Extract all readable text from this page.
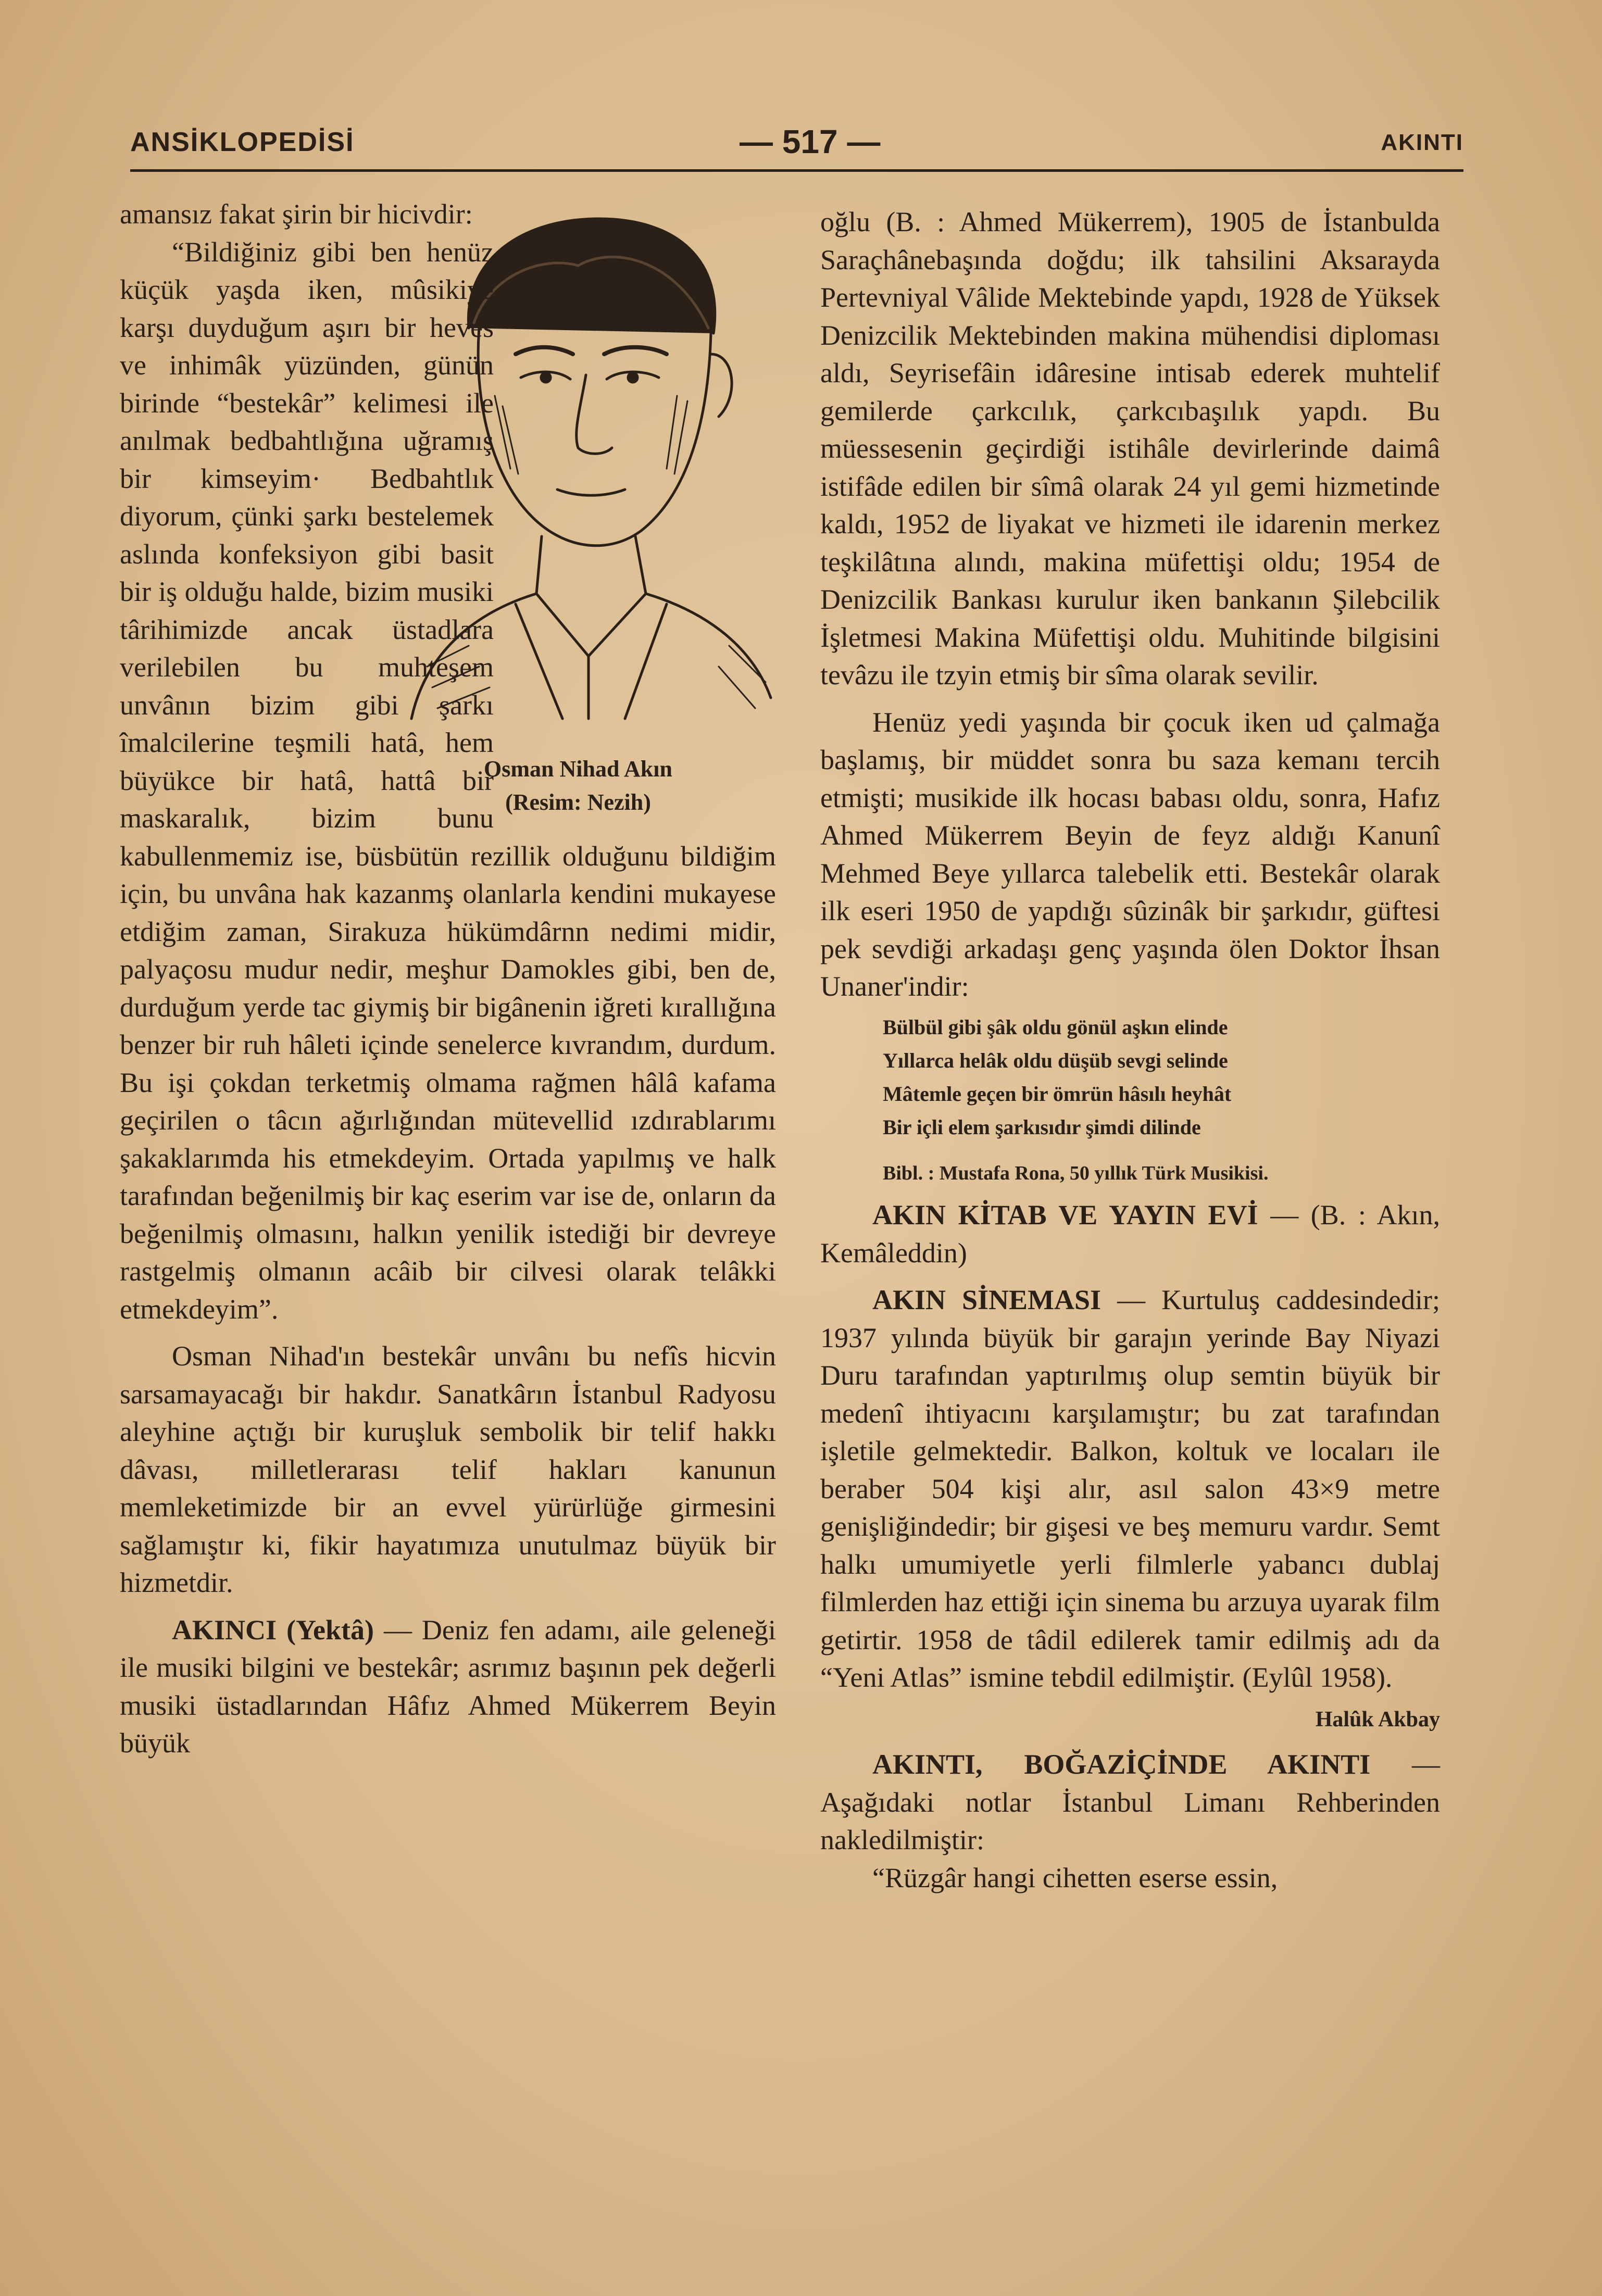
ANSİKLOPEDİSİ	— 517 —	AKINTI
Osman Nihad Akın
(Resim: Nezih)

amansız fakat şirin bir hicivdir:

“Bildiğiniz gibi ben henüz küçük yaşda iken, mûsikiye karşı duyduğum aşırı bir heves ve inhimâk yüzünden, günün birinde “bestekâr” kelimesi ile anılmak bedbahtlığına uğramış bir kimseyim· Bedbahtlık diyorum, çünki şarkı bestelemek aslında konfeksiyon gibi basit bir iş olduğu halde, bizim musiki târihimizde ancak üstadlara verilebilen bu muhteşem unvânın bizim gibi şarkı îmalcilerine teşmili hatâ, hem büyükce bir hatâ, hattâ bir maskaralık, bizim bunu kabullenmemiz ise, büsbütün rezillik olduğunu bildiğim için, bu unvâna hak kazanmş olanlarla kendini mukayese etdiğim zaman, Sirakuza hükümdârnn nedimi midir, palyaçosu mudur nedir, meşhur Damokles gibi, ben de, durduğum yerde tac giymiş bir bigânenin iğreti kırallığına benzer bir ruh hâleti içinde senelerce kıvrandım, durdum. Bu işi çokdan terketmiş olmama rağmen hâlâ kafama geçirilen o tâcın ağırlığından mütevellid ızdırablarımı şakaklarımda his etmekdeyim. Ortada yapılmış ve halk tarafından beğenilmiş bir kaç eserim var ise de, onların da beğenilmiş olmasını, halkın yenilik istediği bir devreye rastgelmiş olmanın acâib bir cilvesi olarak telâkki etmekdeyim”.

Osman Nihad'ın bestekâr unvânı bu nefîs hicvin sarsamayacağı bir hakdır. Sanatkârın İstanbul Radyosu aleyhine açtığı bir kuruşluk sembolik bir telif hakkı dâvası, milletlerarası telif hakları kanunun memleketimizde bir an evvel yürürlüğe girmesini sağlamıştır ki, fikir hayatımıza unutulmaz büyük bir hizmetdir.

AKINCI (Yektâ) — Deniz fen adamı, aile geleneği ile musiki bilgini ve bestekâr; asrımız başının pek değerli musiki üstadlarından Hâfız Ahmed Mükerrem Beyin büyük

oğlu (B. : Ahmed Mükerrem), 1905 de İstanbulda Saraçhânebaşında doğdu; ilk tahsilini Aksarayda Pertevniyal Vâlide Mektebinde yapdı, 1928 de Yüksek Denizcilik Mektebinden makina mühendisi diploması aldı, Seyrisefâin idâresine intisab ederek muhtelif gemilerde çarkcılık, çarkcıbaşılık yapdı. Bu müessesenin geçirdiği istihâle devirlerinde daimâ istifâde edilen bir sîmâ olarak 24 yıl gemi hizmetinde kaldı, 1952 de liyakat ve hizmeti ile idarenin merkez teşkilâtına alındı, makina müfettişi oldu; 1954 de Denizcilik Bankası kurulur iken bankanın Şilebcilik İşletmesi Makina Müfettişi oldu. Muhitinde bilgisini tevâzu ile tzyin etmiş bir sîma olarak sevilir.

Henüz yedi yaşında bir çocuk iken ud çalmağa başlamış, bir müddet sonra bu saza kemanı tercih etmişti; musikide ilk hocası babası oldu, sonra, Hafız Ahmed Mükerrem Beyin de feyz aldığı Kanunî Mehmed Beye yıllarca talebelik etti. Bestekâr olarak ilk eseri 1950 de yapdığı sûzinâk bir şarkıdır, güftesi pek sevdiği arkadaşı genç yaşında ölen Doktor İhsan Unaner'indir:

Bülbül gibi şâk oldu gönül aşkın elinde
Yıllarca helâk oldu düşüb sevgi selinde
Mâtemle geçen bir ömrün hâsılı heyhât
Bir içli elem şarkısıdır şimdi dilinde
Bibl. : Mustafa Rona, 50 yıllık Türk Musikisi.

AKIN KİTAB VE YAYIN EVİ — (B. : Akın, Kemâleddin)

AKIN SİNEMASI — Kurtuluş caddesindedir; 1937 yılında büyük bir garajın yerinde Bay Niyazi Duru tarafından yaptırılmış olup semtin büyük bir medenî ihtiyacını karşılamıştır; bu zat tarafından işletile gelmektedir. Balkon, koltuk ve locaları ile beraber 504 kişi alır, asıl salon 43×9 metre genişliğindedir; bir gişesi ve beş memuru vardır. Semt halkı umumiyetle yerli filmlerle yabancı dublaj filmlerden haz ettiği için sinema bu arzuya uyarak film getirtir. 1958 de tâdil edilerek tamir edilmiş adı da “Yeni Atlas” ismine tebdil edilmiştir. (Eylûl 1958).

Halûk Akbay

AKINTI, BOĞAZİÇİNDE AKINTI — Aşağıdaki notlar İstanbul Limanı Rehberinden nakledilmiştir:

“Rüzgâr hangi cihetten eserse essin,
